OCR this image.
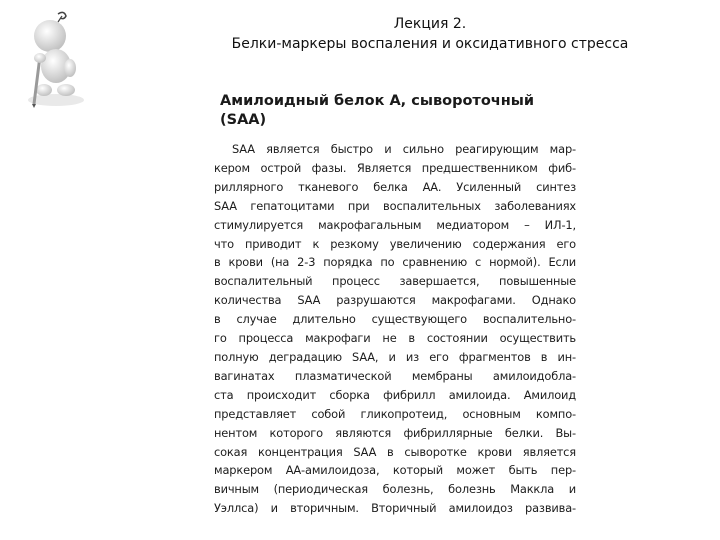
Лекция 2.
Белки-маркеры воспаления и оксидативного стресса
Амилоидный белок А, сывороточный
(SAA)
SAA является быстро и сильно реагирующим мар-
кером острой фазы. Является предшественником фиб-
риллярного тканевого белка АА. Усиленный синтез
SAA гепатоцитами при воспалительных заболеваниях
стимулируется макрофагальным медиатором – ИЛ-1,
что приводит к резкому увеличению содержания его
в крови (на 2-3 порядка по сравнению с нормой). Если
воспалительный процесс завершается, повышенные
количества SAA разрушаются макрофагами. Однако
в случае длительно существующего воспалительно-
го процесса макрофаги не в состоянии осуществить
полную деградацию SAA, и из его фрагментов в ин-
вагинатах плазматической мембраны амилоидобла-
ста происходит сборка фибрилл амилоида. Амилоид
представляет собой гликопротеид, основным компо-
нентом которого являются фибриллярные белки. Вы-
сокая концентрация SAA в сыворотке крови является
маркером АА-амилоидоза, который может быть пер-
вичным (периодическая болезнь, болезнь Маккла и
Уэллса) и вторичным. Вторичный амилоидоз развива-
